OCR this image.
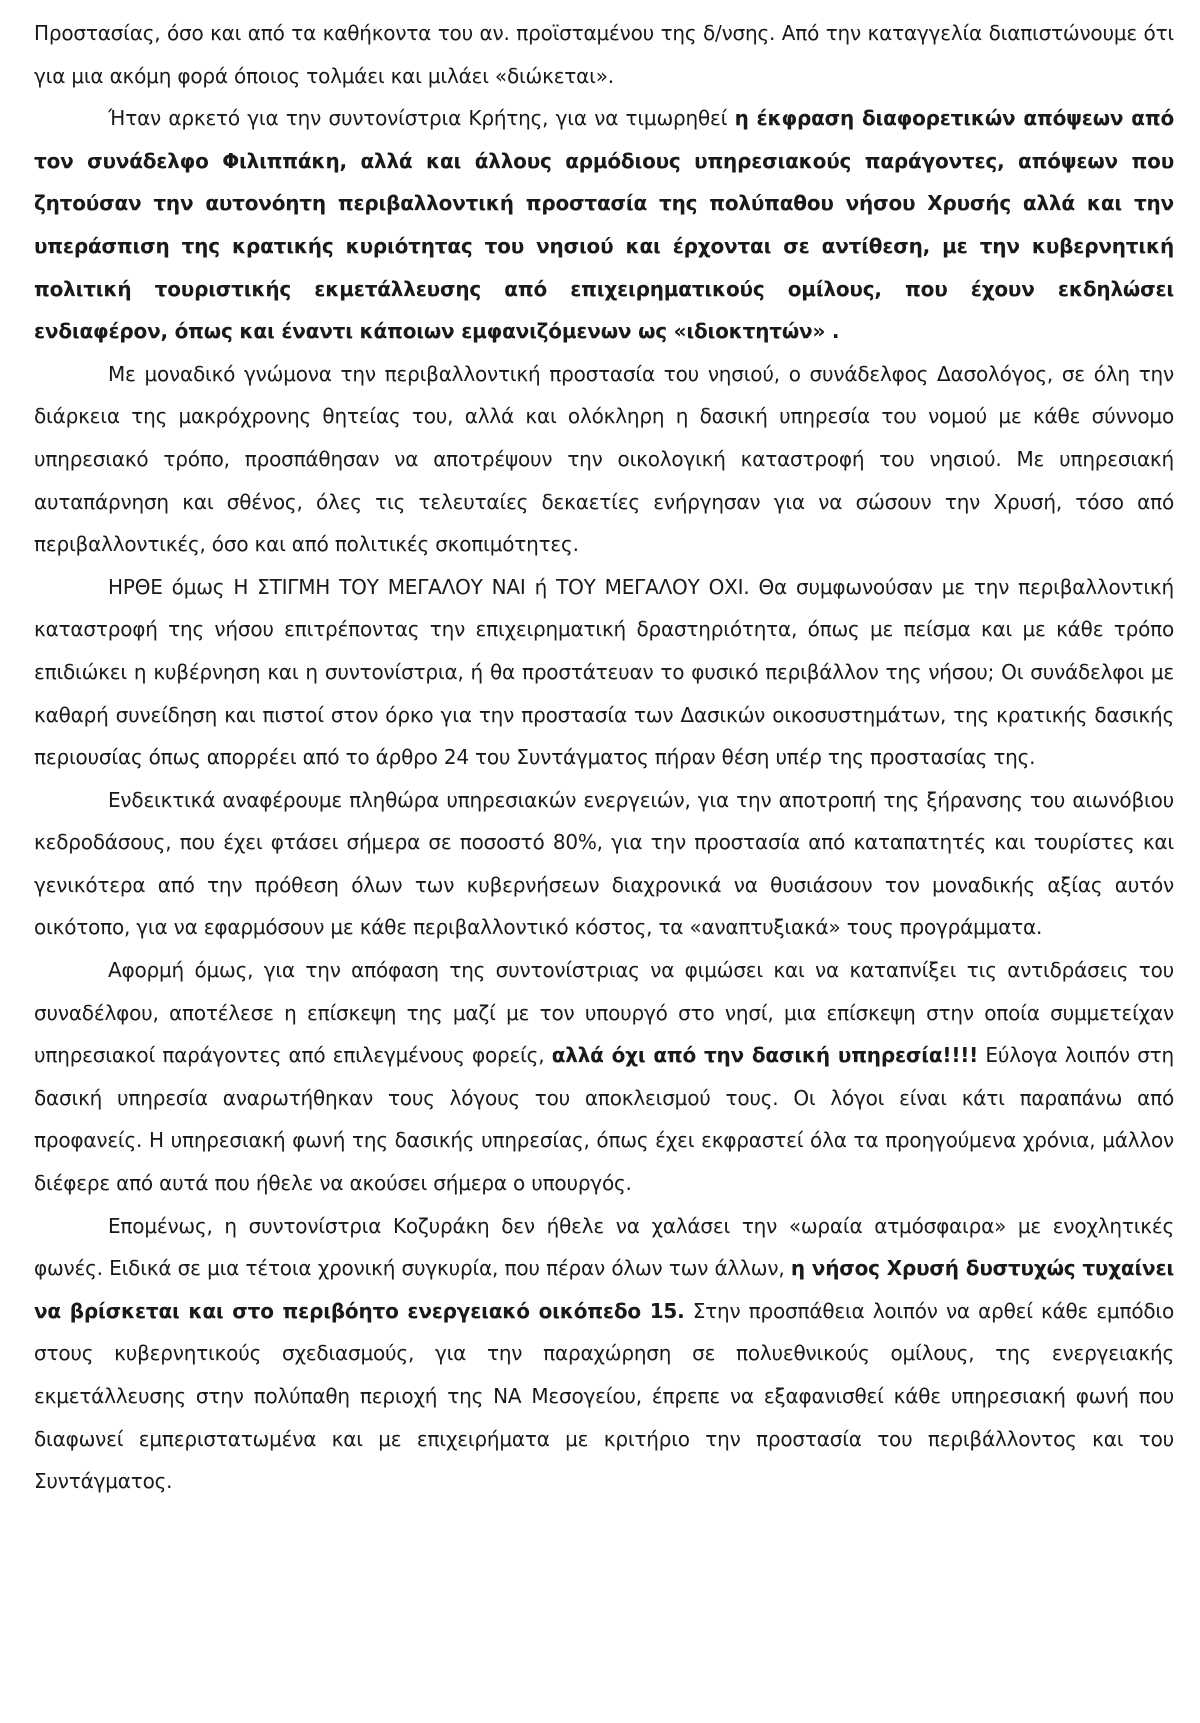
Προστασίας, όσο και από τα καθήκοντα του αν. προϊσταμένου της δ/νσης. Από την καταγγελία διαπιστώνουμε ότι για μια ακόμη φορά όποιος τολμάει και μιλάει «διώκεται».

Ήταν αρκετό για την συντονίστρια Κρήτης, για να τιμωρηθεί η έκφραση διαφορετικών απόψεων από τον συνάδελφο Φιλιππάκη, αλλά και άλλους αρμόδιους υπηρεσιακούς παράγοντες, απόψεων που ζητούσαν την αυτονόητη περιβαλλοντική προστασία της πολύπαθου νήσου Χρυσής αλλά και την υπεράσπιση της κρατικής κυριότητας του νησιού και έρχονται σε αντίθεση, με την κυβερνητική πολιτική τουριστικής εκμετάλλευσης από επιχειρηματικούς ομίλους, που έχουν εκδηλώσει ενδιαφέρον, όπως και έναντι κάποιων εμφανιζόμενων ως «ιδιοκτητών» .

Με μοναδικό γνώμονα την περιβαλλοντική προστασία του νησιού, ο συνάδελφος Δασολόγος, σε όλη την διάρκεια της μακρόχρονης θητείας του, αλλά και ολόκληρη η δασική υπηρεσία του νομού με κάθε σύννομο υπηρεσιακό τρόπο, προσπάθησαν να αποτρέψουν την οικολογική καταστροφή του νησιού. Με υπηρεσιακή αυταπάρνηση και σθένος, όλες τις τελευταίες δεκαετίες ενήργησαν για να σώσουν την Χρυσή, τόσο από περιβαλλοντικές, όσο και από πολιτικές σκοπιμότητες.

ΗΡΘΕ όμως Η ΣΤΙΓΜΗ ΤΟΥ ΜΕΓΑΛΟΥ ΝΑΙ ή ΤΟΥ ΜΕΓΑΛΟΥ ΟΧΙ. Θα συμφωνούσαν με την περιβαλλοντική καταστροφή της νήσου επιτρέποντας την επιχειρηματική δραστηριότητα, όπως με πείσμα και με κάθε τρόπο επιδιώκει η κυβέρνηση και η συντονίστρια, ή θα προστάτευαν το φυσικό περιβάλλον της νήσου; Οι συνάδελφοι με καθαρή συνείδηση και πιστοί στον όρκο για την προστασία των Δασικών οικοσυστημάτων, της κρατικής δασικής περιουσίας όπως απορρέει από το άρθρο 24 του Συντάγματος πήραν θέση υπέρ της προστασίας της.

Ενδεικτικά αναφέρουμε πληθώρα υπηρεσιακών ενεργειών, για την αποτροπή της ξήρανσης του αιωνόβιου κεδροδάσους, που έχει φτάσει σήμερα σε ποσοστό 80%, για την προστασία από καταπατητές και τουρίστες και γενικότερα από την πρόθεση όλων των κυβερνήσεων διαχρονικά να θυσιάσουν τον μοναδικής αξίας αυτόν οικότοπο, για να εφαρμόσουν με κάθε περιβαλλοντικό κόστος, τα «αναπτυξιακά» τους προγράμματα.

Αφορμή όμως, για την απόφαση της συντονίστριας να φιμώσει και να καταπνίξει τις αντιδράσεις του συναδέλφου, αποτέλεσε η επίσκεψη της μαζί με τον υπουργό στο νησί, μια επίσκεψη στην οποία συμμετείχαν υπηρεσιακοί παράγοντες από επιλεγμένους φορείς, αλλά όχι από την δασική υπηρεσία!!!! Εύλογα λοιπόν στη δασική υπηρεσία αναρωτήθηκαν τους λόγους του αποκλεισμού τους. Οι λόγοι είναι κάτι παραπάνω από προφανείς. Η υπηρεσιακή φωνή της δασικής υπηρεσίας, όπως έχει εκφραστεί όλα τα προηγούμενα χρόνια, μάλλον διέφερε από αυτά που ήθελε να ακούσει σήμερα ο υπουργός.

Επομένως, η συντονίστρια Κοζυράκη δεν ήθελε να χαλάσει την «ωραία ατμόσφαιρα» με ενοχλητικές φωνές. Ειδικά σε μια τέτοια χρονική συγκυρία, που πέραν όλων των άλλων, η νήσος Χρυσή δυστυχώς τυχαίνει να βρίσκεται και στο περιβόητο ενεργειακό οικόπεδο 15. Στην προσπάθεια λοιπόν να αρθεί κάθε εμπόδιο στους κυβερνητικούς σχεδιασμούς, για την παραχώρηση σε πολυεθνικούς ομίλους, της ενεργειακής εκμετάλλευσης στην πολύπαθη περιοχή της ΝΑ Μεσογείου, έπρεπε να εξαφανισθεί κάθε υπηρεσιακή φωνή που διαφωνεί εμπεριστατωμένα και με επιχειρήματα με κριτήριο την προστασία του περιβάλλοντος και του Συντάγματος.
